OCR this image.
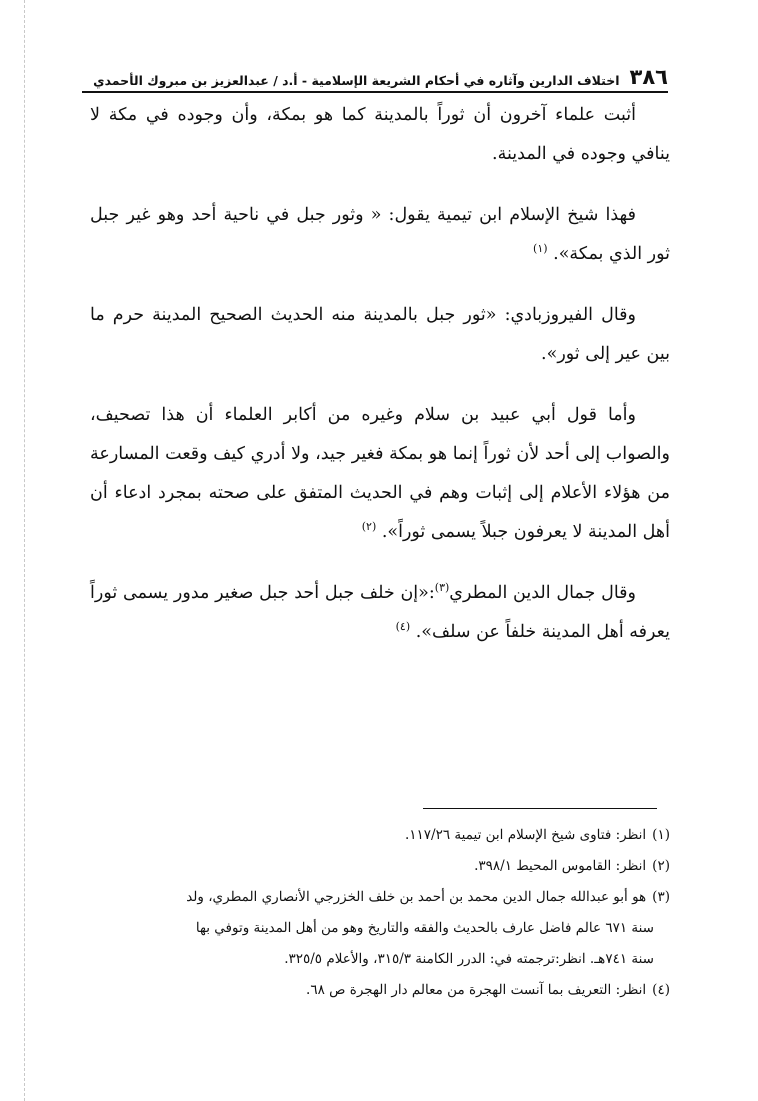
٣٨٦
اختلاف الدارين وآثاره في أحكام الشريعة الإسلامية - أ.د / عبدالعزيز بن مبروك الأحمدي

أثبت علماء آخرون أن ثوراً بالمدينة كما هو بمكة، وأن وجوده في مكة لا ينافي وجوده في المدينة.

فهذا شيخ الإسلام ابن تيمية يقول: « وثور جبل في ناحية أحد وهو غير جبل ثور الذي بمكة». $^{(١)}$

وقال الفيروزبادي: «ثور جبل بالمدينة منه الحديث الصحيح المدينة حرم ما بين عير إلى ثور».

وأما قول أبي عبيد بن سلام وغيره من أكابر العلماء أن هذا تصحيف، والصواب إلى أحد لأن ثوراً إنما هو بمكة فغير جيد، ولا أدري كيف وقعت المسارعة من هؤلاء الأعلام إلى إثبات وهم في الحديث المتفق على صحته بمجرد ادعاء أن أهل المدينة لا يعرفون جبلاً يسمى ثوراً». $^{(٢)}$

وقال جمال الدين المطري$^{(٣)}$:«إن خلف جبل أحد جبل صغير مدور يسمى ثوراً يعرفه أهل المدينة خلفاً عن سلف». $^{(٤)}$

(١)انظر: فتاوى شيخ الإسلام ابن تيمية ١١٧/٢٦.

(٢)انظر: القاموس المحيط ٣٩٨/١.

(٣)هو أبو عبدالله جمال الدين محمد بن أحمد بن خلف الخزرجي الأنصاري المطري، ولد

سنة ٦٧١ عالم فاضل عارف بالحديث والفقه والتاريخ وهو من أهل المدينة وتوفي بها

سنة ٧٤١هـ. انظر:ترجمته في: الدرر الكامنة ٣١٥/٣، والأعلام ٣٢٥/٥.

(٤)انظر: التعريف بما آنست الهجرة من معالم دار الهجرة ص ٦٨.
